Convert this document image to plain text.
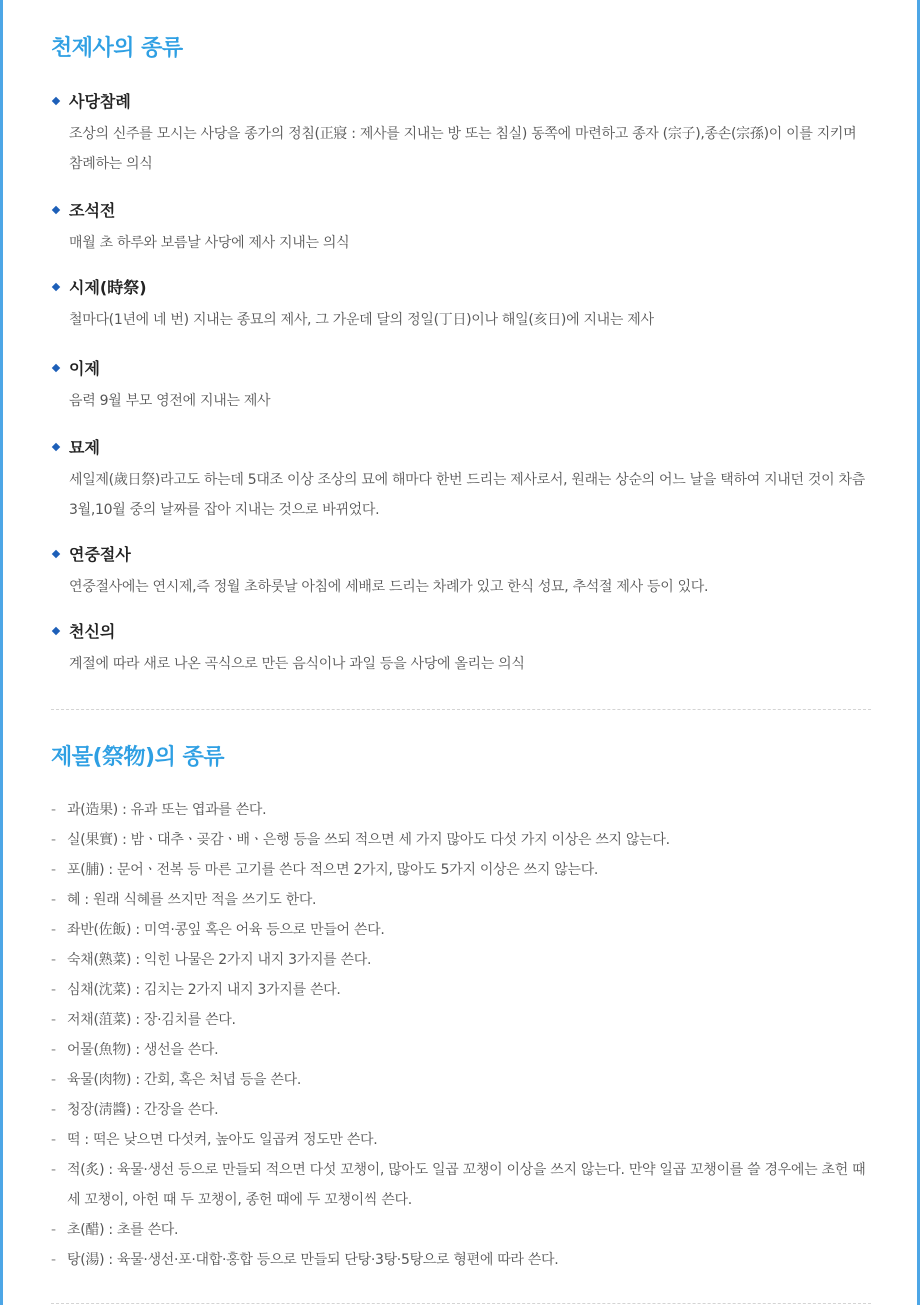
천제사의 종류
사당참례
조상의 신주를 모시는 사당을 종가의 정침(正寢 : 제사를 지내는 방 또는 침실) 동쪽에 마련하고 종자 (宗子),종손(宗孫)이 이를 지키며 참례하는 의식
조석전
매월 초 하루와 보름날 사당에 제사 지내는 의식
시제(時祭)
철마다(1년에 네 번) 지내는 종묘의 제사, 그 가운데 달의 정일(丁日)이나 해일(亥日)에 지내는 제사
이제
음력 9월 부모 영전에 지내는 제사
묘제
세일제(歲日祭)라고도 하는데 5대조 이상 조상의 묘에 해마다 한번 드리는 제사로서, 원래는 상순의 어느 날을 택하여 지내던 것이 차츰 3월,10월 중의 날짜를 잡아 지내는 것으로 바뀌었다.
연중절사
연중절사에는 연시제,즉 정월 초하룻날 아침에 세배로 드리는 차례가 있고 한식 성묘, 추석절 제사 등이 있다.
천신의
계절에 따라 새로 나온 곡식으로 만든 음식이나 과일 등을 사당에 올리는 의식
제물(祭物)의 종류
- 과(造果) : 유과 또는 엽과를 쓴다.
- 실(果實) : 밤ㆍ대추ㆍ곶감ㆍ배ㆍ은행 등을 쓰되 적으면 세 가지 많아도 다섯 가지 이상은 쓰지 않는다.
- 포(脯) : 문어ㆍ전복 등 마른 고기를 쓴다 적으면 2가지, 많아도 5가지 이상은 쓰지 않는다.
- 혜 : 원래 식혜를 쓰지만 적을 쓰기도 한다.
- 좌반(佐飯) : 미역·콩잎 혹은 어육 등으로 만들어 쓴다.
- 숙채(熟菜) : 익힌 나물은 2가지 내지 3가지를 쓴다.
- 심채(沈菜) : 김치는 2가지 내지 3가지를 쓴다.
- 저채(菹菜) : 장·김치를 쓴다.
- 어물(魚物) : 생선을 쓴다.
- 육물(肉物) : 간회, 혹은 처녑 등을 쓴다.
- 청장(淸醬) : 간장을 쓴다.
- 떡 : 떡은 낮으면 다섯켜, 높아도 일곱켜 정도만 쓴다.
- 적(炙) : 육물·생선 등으로 만들되 적으면 다섯 꼬챙이, 많아도 일곱 꼬챙이 이상을 쓰지 않는다. 만약 일곱 꼬챙이를 쓸 경우에는 초헌 때 세 꼬챙이, 아헌 때 두 꼬챙이, 종헌 때에 두 꼬챙이씩 쓴다.
- 초(醋) : 초를 쓴다.
- 탕(湯) : 육물·생선·포·대합·홍합 등으로 만들되 단탕·3탕·5탕으로 형편에 따라 쓴다.
